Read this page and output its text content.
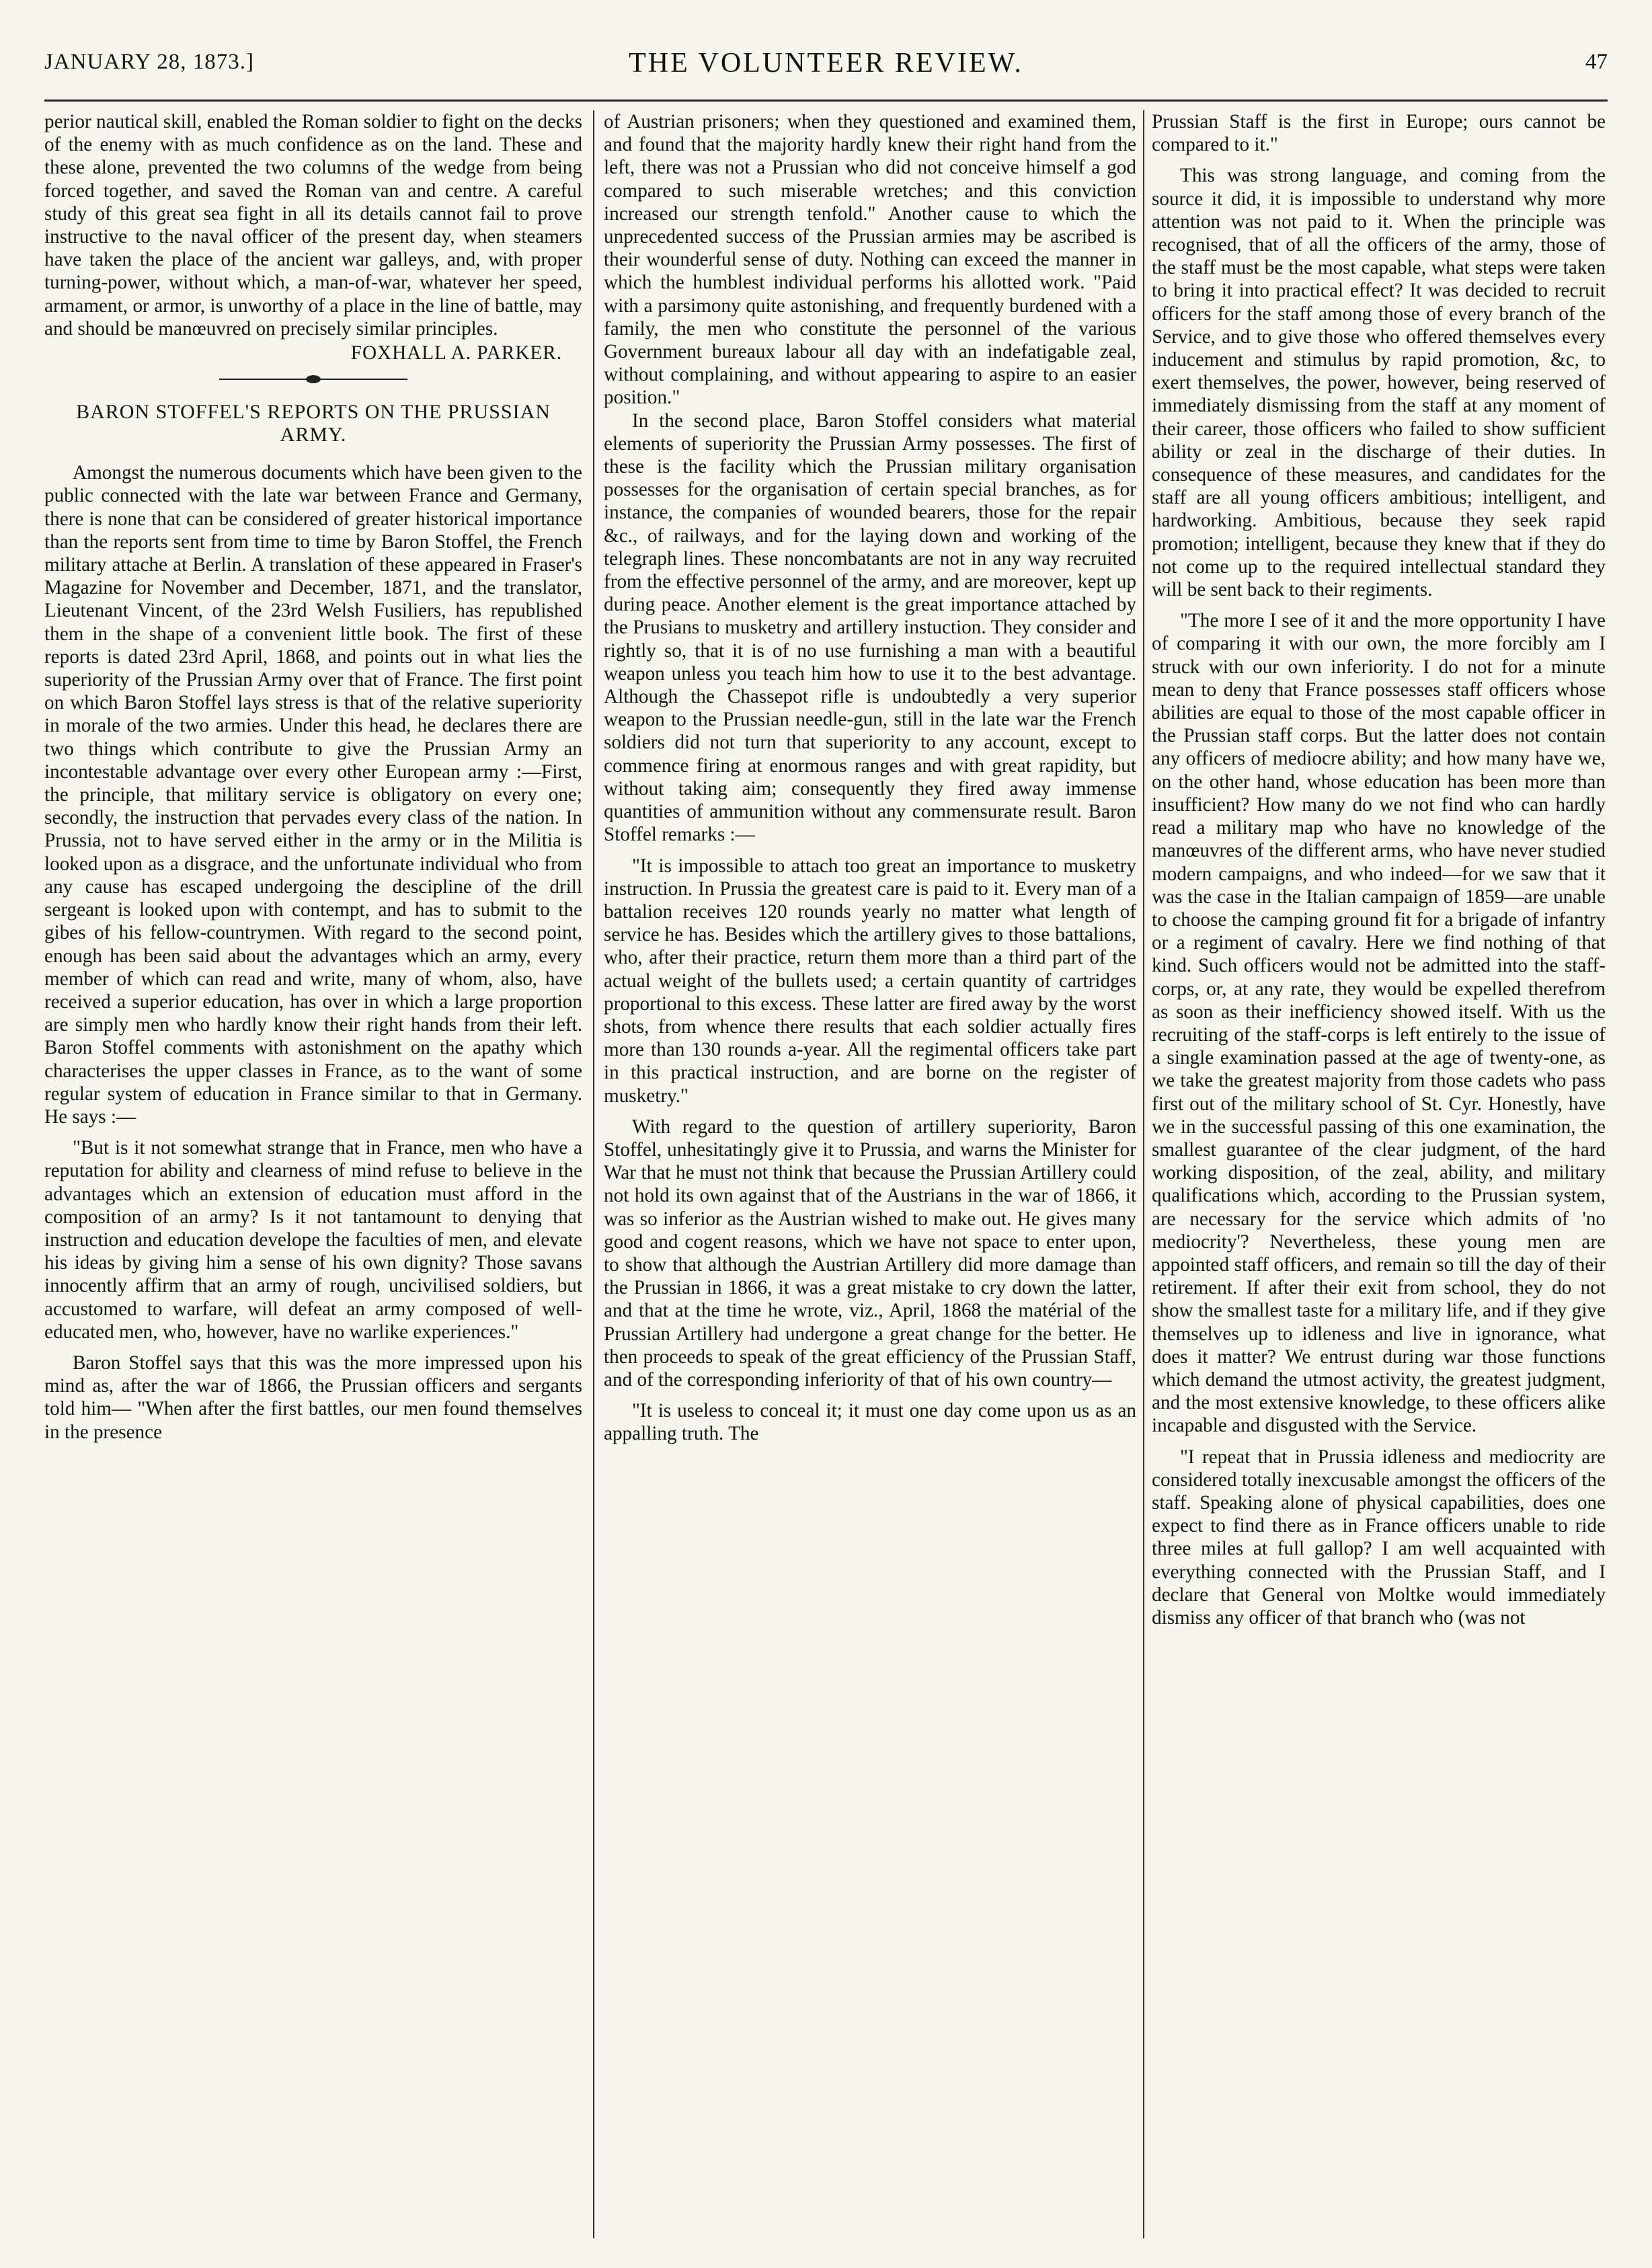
JANUARY 28, 1873.]	THE VOLUNTEER REVIEW.	47

perior nautical skill, enabled the Roman soldier to fight on the decks of the enemy with as much confidence as on the land. These and these alone, prevented the two columns of the wedge from being forced together, and saved the Roman van and centre. A careful study of this great sea fight in all its details cannot fail to prove instructive to the naval officer of the present day, when steamers have taken the place of the ancient war galleys, and, with proper turning-power, without which, a man-of-war, whatever her speed, armament, or armor, is unworthy of a place in the line of battle, may and should be manœuvred on precisely similar principles.

FOXHALL A. PARKER.
BARON STOFFEL'S REPORTS ON THE PRUSSIAN ARMY.

Amongst the numerous documents which have been given to the public connected with the late war between France and Germany, there is none that can be considered of greater historical importance than the reports sent from time to time by Baron Stoffel, the French military attache at Berlin. A translation of these appeared in Fraser's Magazine for November and December, 1871, and the translator, Lieutenant Vincent, of the 23rd Welsh Fusiliers, has republished them in the shape of a convenient little book. The first of these reports is dated 23rd April, 1868, and points out in what lies the superiority of the Prussian Army over that of France. The first point on which Baron Stoffel lays stress is that of the relative superiority in morale of the two armies. Under this head, he declares there are two things which contribute to give the Prussian Army an incontestable advantage over every other European army :—First, the principle, that military service is obligatory on every one; secondly, the instruction that pervades every class of the nation. In Prussia, not to have served either in the army or in the Militia is looked upon as a disgrace, and the unfortunate individual who from any cause has escaped undergoing the descipline of the drill sergeant is looked upon with contempt, and has to submit to the gibes of his fellow-countrymen. With regard to the second point, enough has been said about the advantages which an army, every member of which can read and write, many of whom, also, have received a superior education, has over in which a large proportion are simply men who hardly know their right hands from their left. Baron Stoffel comments with astonishment on the apathy which characterises the upper classes in France, as to the want of some regular system of education in France similar to that in Germany. He says :—

"But is it not somewhat strange that in France, men who have a reputation for ability and clearness of mind refuse to believe in the advantages which an extension of education must afford in the composition of an army? Is it not tantamount to denying that instruction and education develope the faculties of men, and elevate his ideas by giving him a sense of his own dignity? Those savans innocently affirm that an army of rough, uncivilised soldiers, but accustomed to warfare, will defeat an army composed of well-educated men, who, however, have no warlike experiences."

Baron Stoffel says that this was the more impressed upon his mind as, after the war of 1866, the Prussian officers and sergants told him— "When after the first battles, our men found themselves in the presence

of Austrian prisoners; when they questioned and examined them, and found that the majority hardly knew their right hand from the left, there was not a Prussian who did not conceive himself a god compared to such miserable wretches; and this conviction increased our strength tenfold." Another cause to which the unprecedented success of the Prussian armies may be ascribed is their wounderful sense of duty. Nothing can exceed the manner in which the humblest individual performs his allotted work. "Paid with a parsimony quite astonishing, and frequently burdened with a family, the men who constitute the personnel of the various Government bureaux labour all day with an indefatigable zeal, without complaining, and without appearing to aspire to an easier position."

In the second place, Baron Stoffel considers what material elements of superiority the Prussian Army possesses. The first of these is the facility which the Prussian military organisation possesses for the organisation of certain special branches, as for instance, the companies of wounded bearers, those for the repair &c., of railways, and for the laying down and working of the telegraph lines. These noncombatants are not in any way recruited from the effective personnel of the army, and are moreover, kept up during peace. Another element is the great importance attached by the Prusians to musketry and artillery instuction. They consider and rightly so, that it is of no use furnishing a man with a beautiful weapon unless you teach him how to use it to the best advantage. Although the Chassepot rifle is undoubtedly a very superior weapon to the Prussian needle-gun, still in the late war the French soldiers did not turn that superiority to any account, except to commence firing at enormous ranges and with great rapidity, but without taking aim; consequently they fired away immense quantities of ammunition without any commensurate result. Baron Stoffel remarks :—

"It is impossible to attach too great an importance to musketry instruction. In Prussia the greatest care is paid to it. Every man of a battalion receives 120 rounds yearly no matter what length of service he has. Besides which the artillery gives to those battalions, who, after their practice, return them more than a third part of the actual weight of the bullets used; a certain quantity of cartridges proportional to this excess. These latter are fired away by the worst shots, from whence there results that each soldier actually fires more than 130 rounds a-year. All the regimental officers take part in this practical instruction, and are borne on the register of musketry."

With regard to the question of artillery superiority, Baron Stoffel, unhesitatingly give it to Prussia, and warns the Minister for War that he must not think that because the Prussian Artillery could not hold its own against that of the Austrians in the war of 1866, it was so inferior as the Austrian wished to make out. He gives many good and cogent reasons, which we have not space to enter upon, to show that although the Austrian Artillery did more damage than the Prussian in 1866, it was a great mistake to cry down the latter, and that at the time he wrote, viz., April, 1868 the matérial of the Prussian Artillery had undergone a great change for the better. He then proceeds to speak of the great efficiency of the Prussian Staff, and of the corresponding inferiority of that of his own country—

"It is useless to conceal it; it must one day come upon us as an appalling truth. The

Prussian Staff is the first in Europe; ours cannot be compared to it."

This was strong language, and coming from the source it did, it is impossible to understand why more attention was not paid to it. When the principle was recognised, that of all the officers of the army, those of the staff must be the most capable, what steps were taken to bring it into practical effect? It was decided to recruit officers for the staff among those of every branch of the Service, and to give those who offered themselves every inducement and stimulus by rapid promotion, &c, to exert themselves, the power, however, being reserved of immediately dismissing from the staff at any moment of their career, those officers who failed to show sufficient ability or zeal in the discharge of their duties. In consequence of these measures, and candidates for the staff are all young officers ambitious; intelligent, and hardworking. Ambitious, because they seek rapid promotion; intelligent, because they knew that if they do not come up to the required intellectual standard they will be sent back to their regiments.

"The more I see of it and the more opportunity I have of comparing it with our own, the more forcibly am I struck with our own inferiority. I do not for a minute mean to deny that France possesses staff officers whose abilities are equal to those of the most capable officer in the Prussian staff corps. But the latter does not contain any officers of mediocre ability; and how many have we, on the other hand, whose education has been more than insufficient? How many do we not find who can hardly read a military map who have no knowledge of the manœuvres of the different arms, who have never studied modern campaigns, and who indeed—for we saw that it was the case in the Italian campaign of 1859—are unable to choose the camping ground fit for a brigade of infantry or a regiment of cavalry. Here we find nothing of that kind. Such officers would not be admitted into the staff-corps, or, at any rate, they would be expelled therefrom as soon as their inefficiency showed itself. With us the recruiting of the staff-corps is left entirely to the issue of a single examination passed at the age of twenty-one, as we take the greatest majority from those cadets who pass first out of the military school of St. Cyr. Honestly, have we in the successful passing of this one examination, the smallest guarantee of the clear judgment, of the hard working disposition, of the zeal, ability, and military qualifications which, according to the Prussian system, are necessary for the service which admits of 'no mediocrity'? Nevertheless, these young men are appointed staff officers, and remain so till the day of their retirement. If after their exit from school, they do not show the smallest taste for a military life, and if they give themselves up to idleness and live in ignorance, what does it matter? We entrust during war those functions which demand the utmost activity, the greatest judgment, and the most extensive knowledge, to these officers alike incapable and disgusted with the Service.

"I repeat that in Prussia idleness and mediocrity are considered totally inexcusable amongst the officers of the staff. Speaking alone of physical capabilities, does one expect to find there as in France officers unable to ride three miles at full gallop? I am well acquainted with everything connected with the Prussian Staff, and I declare that General von Moltke would immediately dismiss any officer of that branch who (was not
